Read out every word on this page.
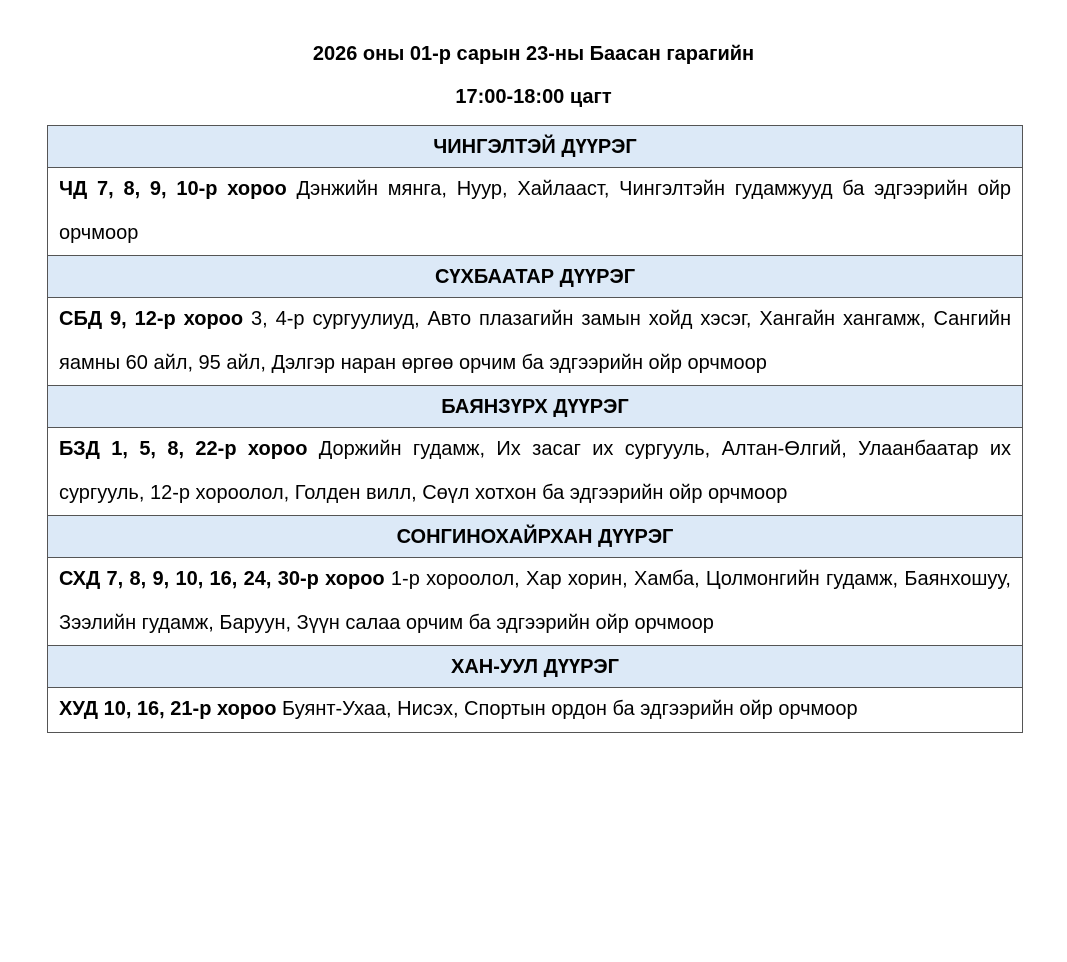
2026 оны 01-р сарын 23-ны Баасан гарагийн
17:00-18:00 цагт
ЧИНГЭЛТЭЙ ДҮҮРЭГ
ЧД 7, 8, 9, 10-р хороо Дэнжийн мянга, Нуур, Хайлааст, Чингэлтэйн гудамжууд ба эдгээрийн ойр орчмоор
СҮХБААТАР ДҮҮРЭГ
СБД 9, 12-р хороо 3, 4-р сургуулиуд, Авто плазагийн замын хойд хэсэг, Хангайн хангамж, Сангийн яамны 60 айл, 95 айл, Дэлгэр наран өргөө орчим ба эдгээрийн ойр орчмоор
БАЯНЗҮРХ ДҮҮРЭГ
БЗД 1, 5, 8, 22-р хороо Доржийн гудамж, Их засаг их сургууль, Алтан-Өлгий, Улаанбаатар их сургууль, 12-р хороолол, Голден вилл, Сөүл хотхон ба эдгээрийн ойр орчмоор
СОНГИНОХАЙРХАН ДҮҮРЭГ
СХД 7, 8, 9, 10, 16, 24, 30-р хороо 1-р хороолол, Хар хорин, Хамба, Цолмонгийн гудамж, Баянхошуу, Зээлийн гудамж, Баруун, Зүүн салаа орчим ба эдгээрийн ойр орчмоор
ХАН-УУЛ ДҮҮРЭГ
ХУД 10, 16, 21-р хороо Буянт-Ухаа, Нисэх, Спортын ордон ба эдгээрийн ойр орчмоор
